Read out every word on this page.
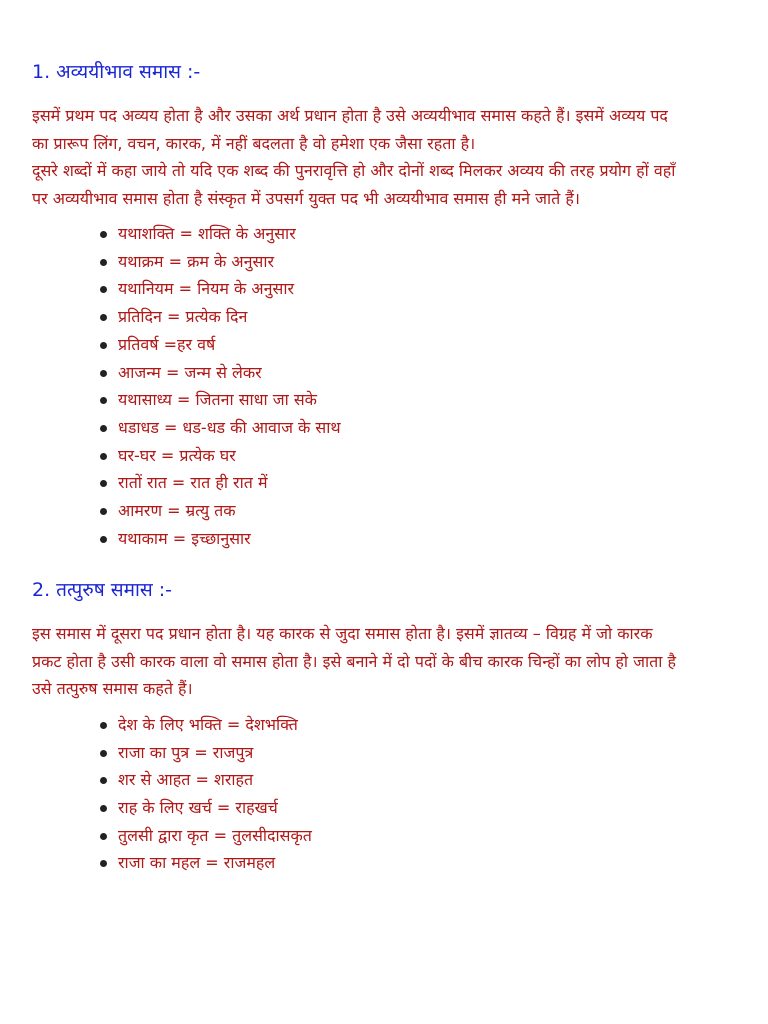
1. अव्ययीभाव समास :-

इसमें प्रथम पद अव्यय होता है और उसका अर्थ प्रधान होता है उसे अव्ययीभाव समास कहते हैं। इसमें अव्यय पद का प्रारूप लिंग, वचन, कारक, में नहीं बदलता है वो हमेशा एक जैसा रहता है।

दूसरे शब्दों में कहा जाये तो यदि एक शब्द की पुनरावृत्ति हो और दोनों शब्द मिलकर अव्यय की तरह प्रयोग हों वहाँ पर अव्ययीभाव समास होता है संस्कृत में उपसर्ग युक्त पद भी अव्ययीभाव समास ही मने जाते हैं।

यथाशक्ति = शक्ति के अनुसार
यथाक्रम = क्रम के अनुसार
यथानियम = नियम के अनुसार
प्रतिदिन = प्रत्येक दिन
प्रतिवर्ष =हर वर्ष
आजन्म = जन्म से लेकर
यथासाध्य = जितना साधा जा सके
धडाधड = धड-धड की आवाज के साथ
घर-घर = प्रत्येक घर
रातों रात = रात ही रात में
आमरण = म्रत्यु तक
यथाकाम = इच्छानुसार
2. तत्पुरुष समास :-

इस समास में दूसरा पद प्रधान होता है। यह कारक से जुदा समास होता है। इसमें ज्ञातव्य – विग्रह में जो कारक प्रकट होता है उसी कारक वाला वो समास होता है। इसे बनाने में दो पदों के बीच कारक चिन्हों का लोप हो जाता है उसे तत्पुरुष समास कहते हैं।

देश के लिए भक्ति = देशभक्ति
राजा का पुत्र = राजपुत्र
शर से आहत = शराहत
राह के लिए खर्च = राहखर्च
तुलसी द्वारा कृत = तुलसीदासकृत
राजा का महल = राजमहल
